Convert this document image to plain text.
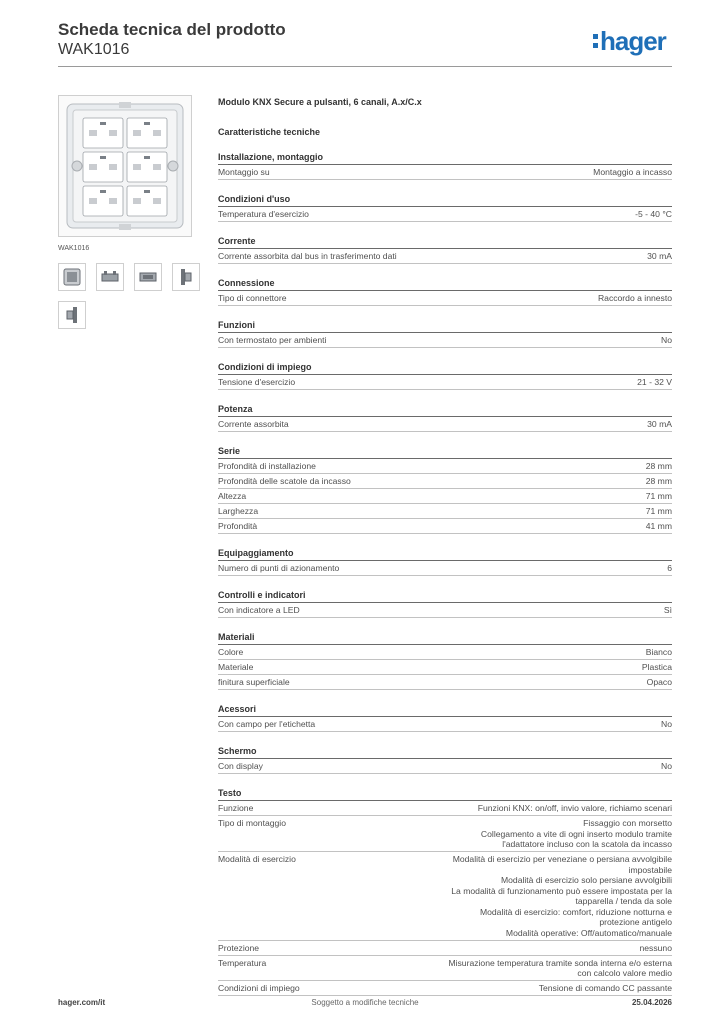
Scheda tecnica del prodotto
WAK1016	hager
WAK1016
Modulo KNX Secure a pulsanti, 6 canali, A.x/C.x
Caratteristiche tecniche
Installazione, montaggio
Montaggio su	Montaggio a incasso
Condizioni d'uso
Temperatura d'esercizio	-5 - 40 °C
Corrente
Corrente assorbita dal bus in trasferimento dati	30 mA
Connessione
Tipo di connettore	Raccordo a innesto
Funzioni
Con termostato per ambienti	No
Condizioni di impiego
Tensione d'esercizio	21 - 32 V
Potenza
Corrente assorbita	30 mA
Serie
Profondità di installazione	28 mm
Profondità delle scatole da incasso	28 mm
Altezza	71 mm
Larghezza	71 mm
Profondità	41 mm
Equipaggiamento
Numero di punti di azionamento	6
Controlli e indicatori
Con indicatore a LED	Sì
Materiali
Colore	Bianco
Materiale	Plastica
finitura superficiale	Opaco
Acessori
Con campo per l'etichetta	No
Schermo
Con display	No
Testo
Funzione	Funzioni KNX: on/off, invio valore, richiamo scenari
Tipo di montaggio	Fissaggio con morsetto
Collegamento a vite di ogni inserto modulo tramite
l'adattatore incluso con la scatola da incasso
Modalità di esercizio	Modalità di esercizio per veneziane o persiana avvolgibile
impostabile
Modalità di esercizio solo persiane avvolgibili
La modalità di funzionamento può essere impostata per la
tapparella / tenda da sole
Modalità di esercizio: comfort, riduzione notturna e
protezione antigelo
Modalità operative: Off/automatico/manuale
Protezione	nessuno
Temperatura	Misurazione temperatura tramite sonda interna e/o esterna
con calcolo valore medio
Condizioni di impiego	Tensione di comando CC passante
hager.com/it	Soggetto a modifiche tecniche	25.04.2026
